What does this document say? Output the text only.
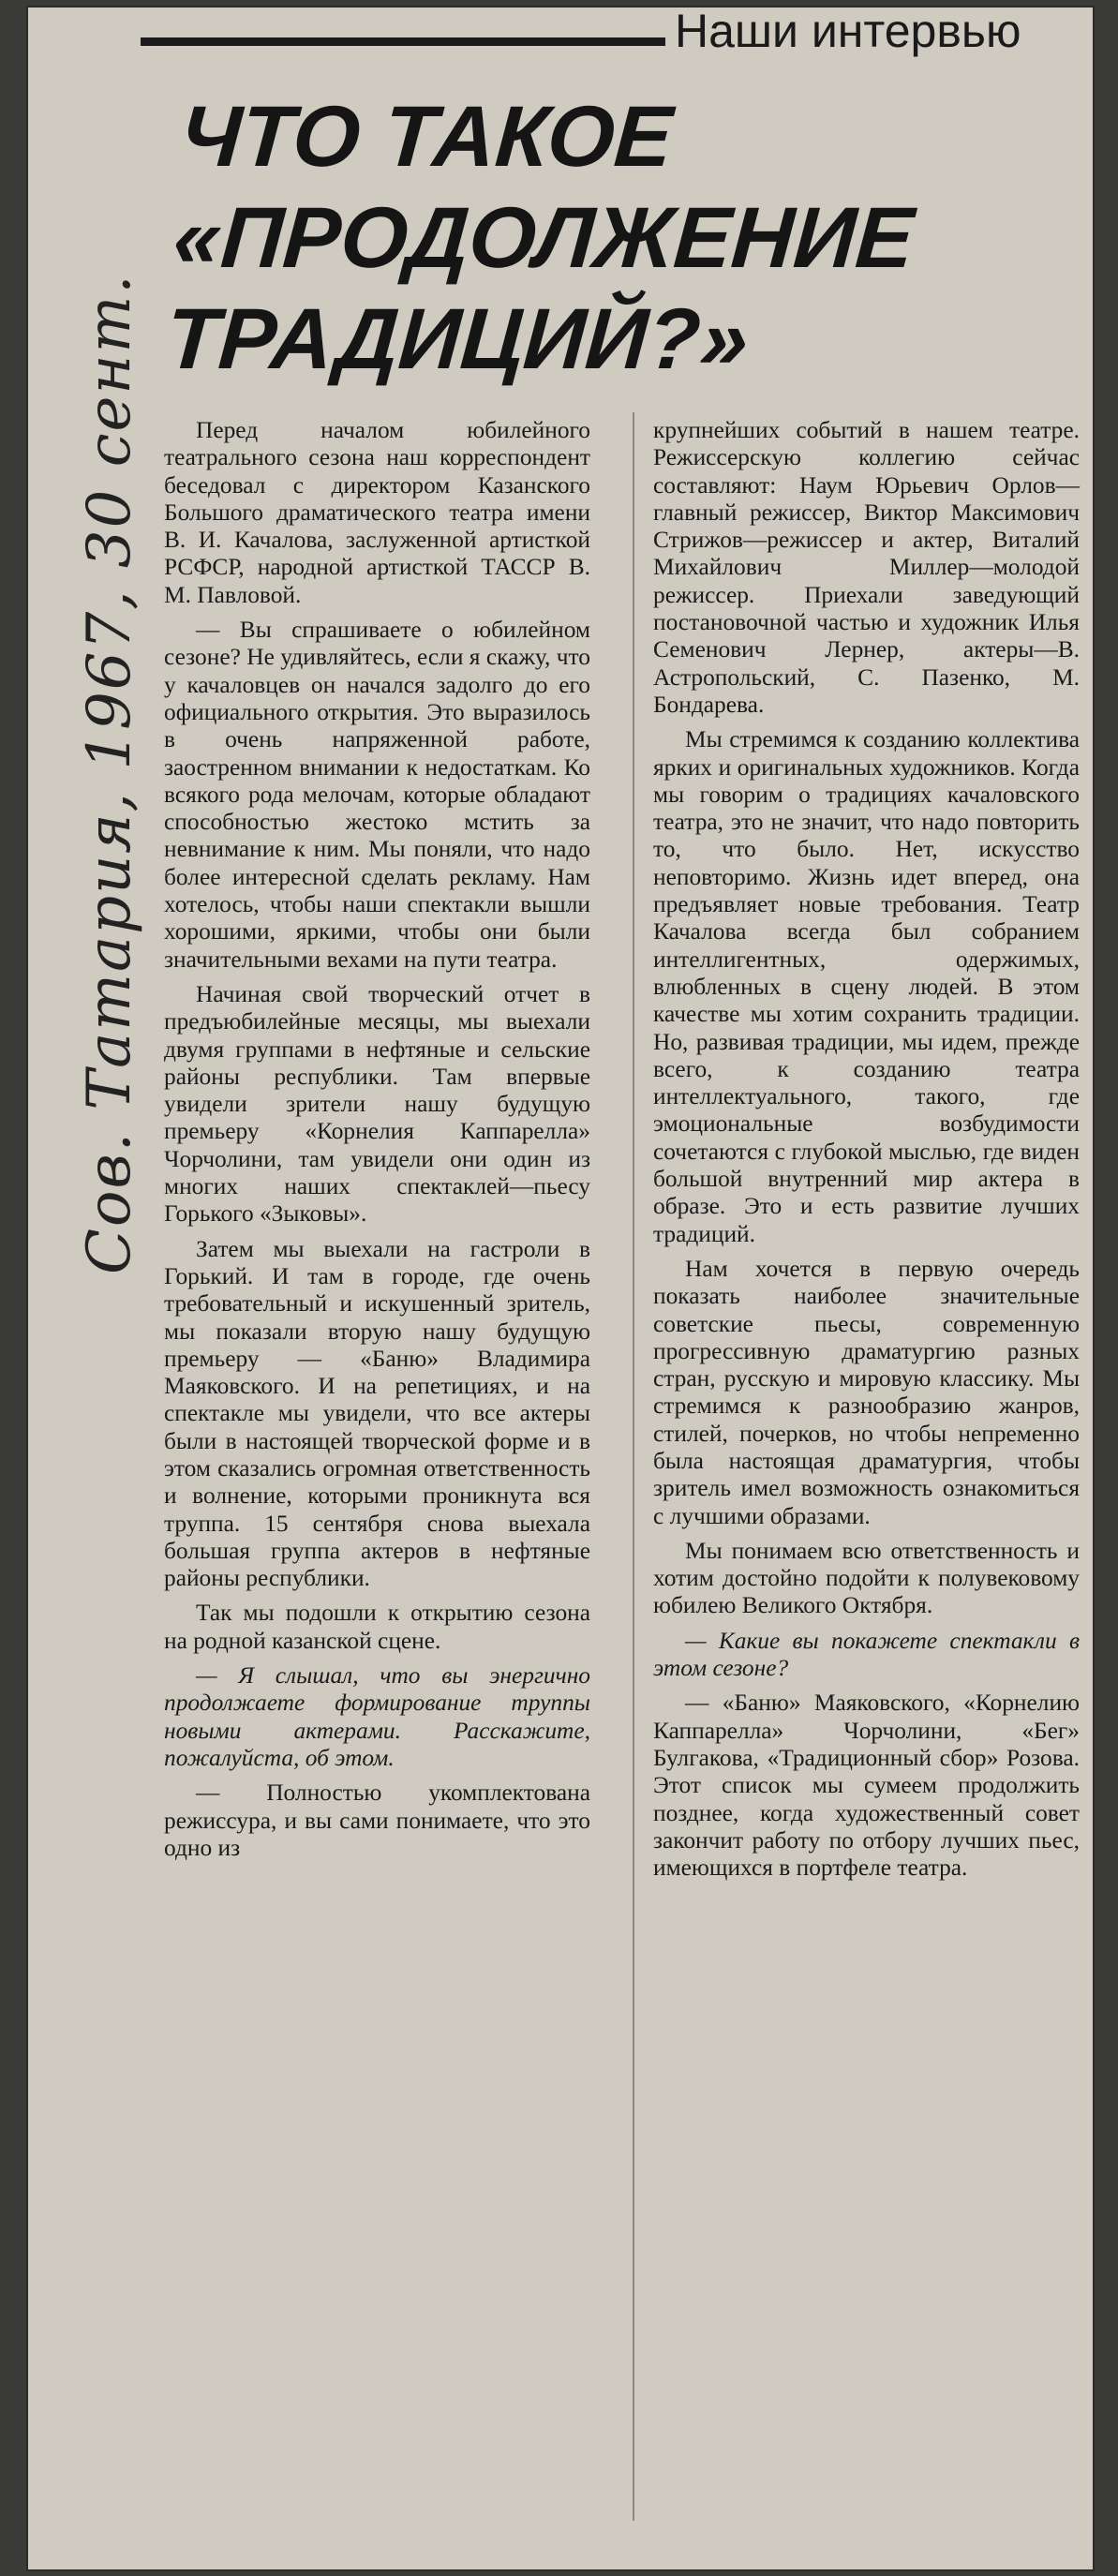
Наши интервью
ЧТО ТАКОЕ
«ПРОДОЛЖЕНИЕ
ТРАДИЦИЙ?»
Сов. Татария, 1967, 30 сент.	Перед началом юбилейного театрального сезона наш корреспондент беседовал с директором Казанского Большого драматического театра имени В. И. Качалова, заслуженной артисткой РСФСР, народной артисткой ТАССР В. М. Павловой.

— Вы спрашиваете о юбилейном сезоне? Не удивляйтесь, если я скажу, что у качаловцев он начался задолго до его официального открытия. Это выразилось в очень напряженной работе, заостренном внимании к недостаткам. Ко всякого рода мелочам, которые обладают способностью жестоко мстить за невнимание к ним. Мы поняли, что надо более интересной сделать рекламу. Нам хотелось, чтобы наши спектакли вышли хорошими, яркими, чтобы они были значительными вехами на пути театра.

Начиная свой творческий отчет в предъюбилейные месяцы, мы выехали двумя группами в нефтяные и сельские районы республики. Там впервые увидели зрители нашу будущую премьеру «Корнелия Каппарелла» Чорчолини, там увидели они один из многих наших спектаклей—пьесу Горького «Зыковы».

Затем мы выехали на гастроли в Горький. И там в городе, где очень требовательный и искушенный зритель, мы показали вторую нашу будущую премьеру — «Баню» Владимира Маяковского. И на репетициях, и на спектакле мы увидели, что все актеры были в настоящей творческой форме и в этом сказались огромная ответственность и волнение, которыми проникнута вся труппа. 15 сентября снова выехала большая группа актеров в нефтяные районы республики.

Так мы подошли к открытию сезона на родной казанской сцене.

— Я слышал, что вы энергично продолжаете формирование труппы новыми актерами. Расскажите, пожалуйста, об этом.

— Полностью укомплектована режиссура, и вы сами понимаете, что это одно из

крупнейших событий в нашем театре. Режиссерскую коллегию сейчас составляют: Наум Юрьевич Орлов—главный режиссер, Виктор Максимович Стрижов—режиссер и актер, Виталий Михайлович Миллер—молодой режиссер. Приехали заведующий постановочной частью и художник Илья Семенович Лернер, актеры—В. Астропольский, С. Пазенко, М. Бондарева.

Мы стремимся к созданию коллектива ярких и оригинальных художников. Когда мы говорим о традициях качаловского театра, это не значит, что надо повторить то, что было. Нет, искусство неповторимо. Жизнь идет вперед, она предъявляет новые требования. Театр Качалова всегда был собранием интеллигентных, одержимых, влюбленных в сцену людей. В этом качестве мы хотим сохранить традиции. Но, развивая традиции, мы идем, прежде всего, к созданию театра интеллектуального, такого, где эмоциональные возбудимости сочетаются с глубокой мыслью, где виден большой внутренний мир актера в образе. Это и есть развитие лучших традиций.

Нам хочется в первую очередь показать наиболее значительные советские пьесы, современную прогрессивную драматургию разных стран, русскую и мировую классику. Мы стремимся к разнообразию жанров, стилей, почерков, но чтобы непременно была настоящая драматургия, чтобы зритель имел возможность ознакомиться с лучшими образами.

Мы понимаем всю ответственность и хотим достойно подойти к полувековому юбилею Великого Октября.

— Какие вы покажете спектакли в этом сезоне?

— «Баню» Маяковского, «Корнелию Каппарелла» Чорчолини, «Бег» Булгакова, «Традиционный сбор» Розова. Этот список мы сумеем продолжить позднее, когда художественный совет закончит работу по отбору лучших пьес, имеющихся в портфеле театра.
